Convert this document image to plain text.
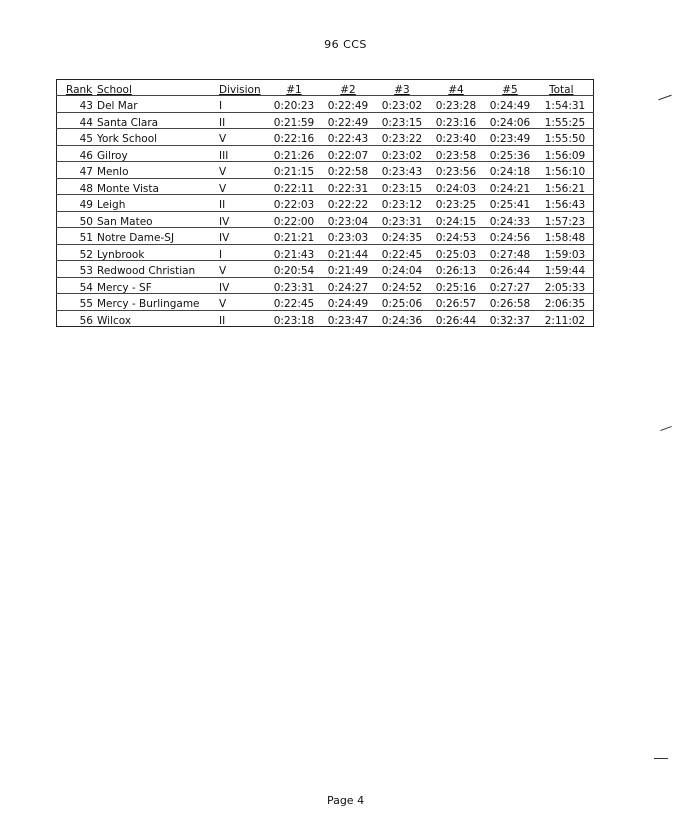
96 CCS
Rank	School	Division	#1	#2	#3	#4	#5	Total
43	Del Mar	I	0:20:23	0:22:49	0:23:02	0:23:28	0:24:49	1:54:31
44	Santa Clara	II	0:21:59	0:22:49	0:23:15	0:23:16	0:24:06	1:55:25
45	York School	V	0:22:16	0:22:43	0:23:22	0:23:40	0:23:49	1:55:50
46	Gilroy	III	0:21:26	0:22:07	0:23:02	0:23:58	0:25:36	1:56:09
47	Menlo	V	0:21:15	0:22:58	0:23:43	0:23:56	0:24:18	1:56:10
48	Monte Vista	V	0:22:11	0:22:31	0:23:15	0:24:03	0:24:21	1:56:21
49	Leigh	II	0:22:03	0:22:22	0:23:12	0:23:25	0:25:41	1:56:43
50	San Mateo	IV	0:22:00	0:23:04	0:23:31	0:24:15	0:24:33	1:57:23
51	Notre Dame-SJ	IV	0:21:21	0:23:03	0:24:35	0:24:53	0:24:56	1:58:48
52	Lynbrook	I	0:21:43	0:21:44	0:22:45	0:25:03	0:27:48	1:59:03
53	Redwood Christian	V	0:20:54	0:21:49	0:24:04	0:26:13	0:26:44	1:59:44
54	Mercy - SF	IV	0:23:31	0:24:27	0:24:52	0:25:16	0:27:27	2:05:33
55	Mercy - Burlingame	V	0:22:45	0:24:49	0:25:06	0:26:57	0:26:58	2:06:35
56	Wilcox	II	0:23:18	0:23:47	0:24:36	0:26:44	0:32:37	2:11:02
Page 4
